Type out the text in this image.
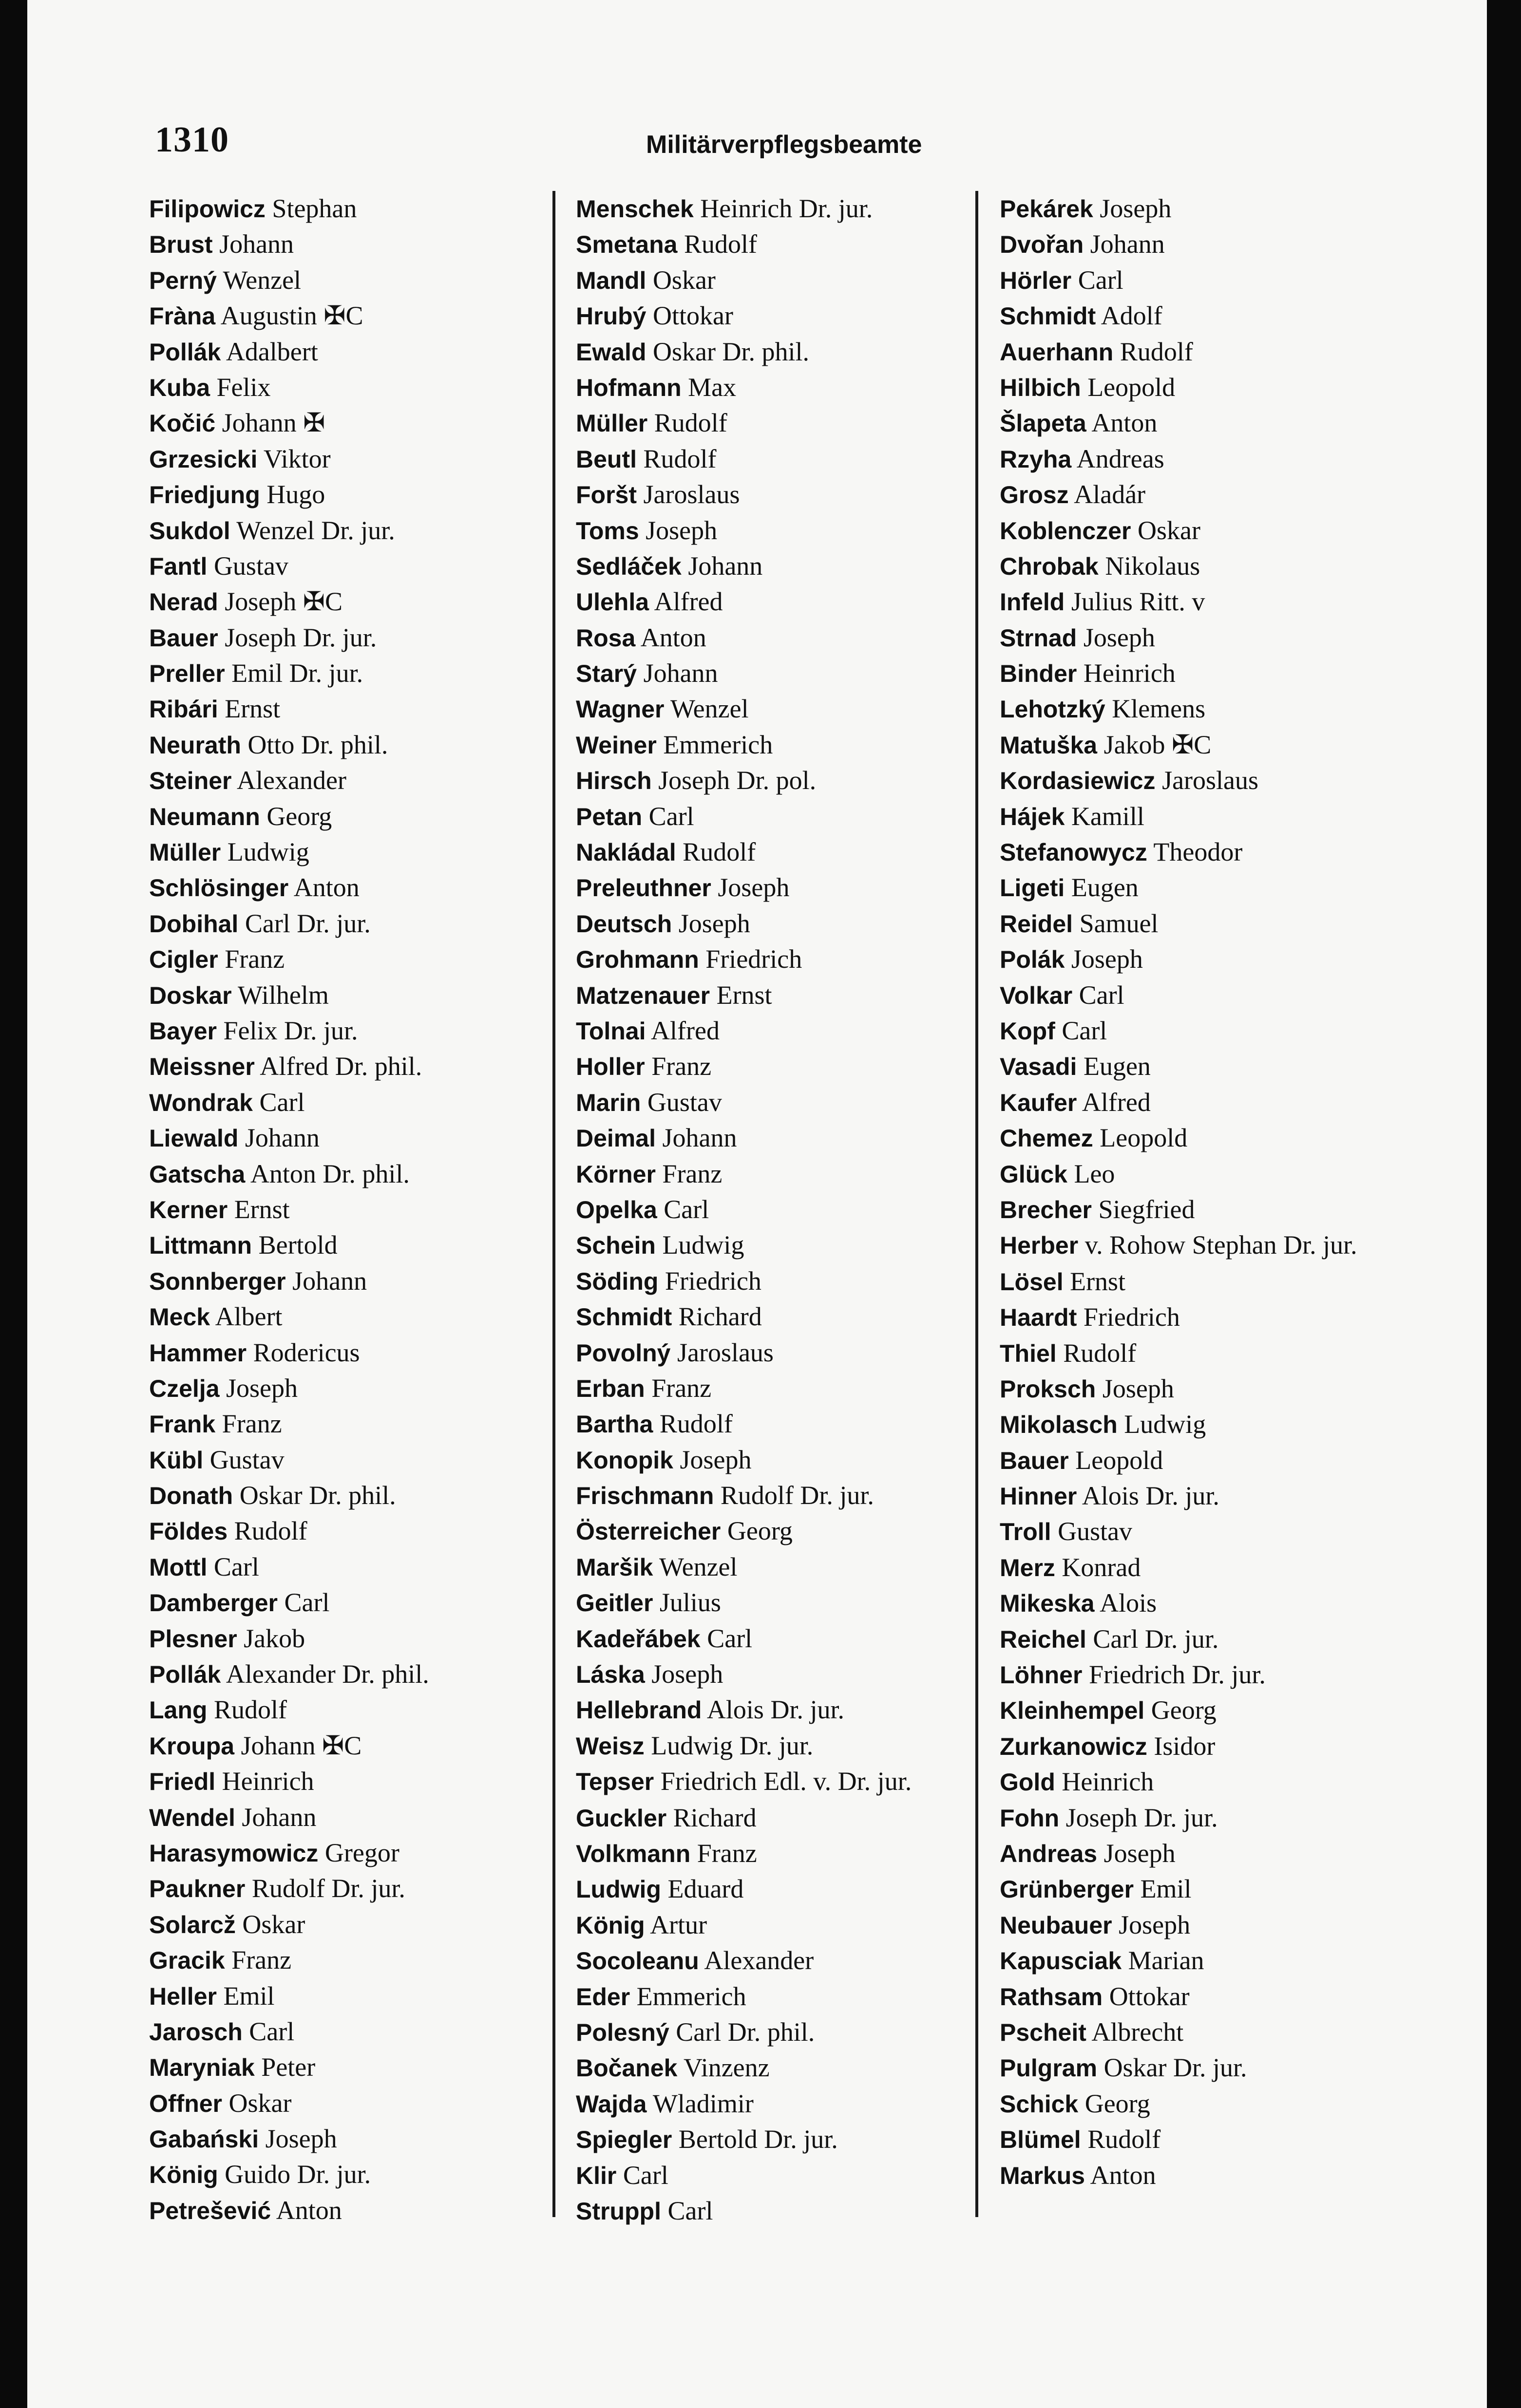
1310	Militärverpflegsbeamte
Filipowicz Stephan
Brust Johann
Perný Wenzel
Fràna Augustin ✠C
Pollák Adalbert
Kuba Felix
Kočić Johann ✠
Grzesicki Viktor
Friedjung Hugo
Sukdol Wenzel Dr. jur.
Fantl Gustav
Nerad Joseph ✠C
Bauer Joseph Dr. jur.
Preller Emil Dr. jur.
Ribári Ernst
Neurath Otto Dr. phil.
Steiner Alexander
Neumann Georg
Müller Ludwig
Schlösinger Anton
Dobihal Carl Dr. jur.
Cigler Franz
Doskar Wilhelm
Bayer Felix Dr. jur.
Meissner Alfred Dr. phil.
Wondrak Carl
Liewald Johann
Gatscha Anton Dr. phil.
Kerner Ernst
Littmann Bertold
Sonnberger Johann
Meck Albert
Hammer Rodericus
Czelja Joseph
Frank Franz
Kübl Gustav
Donath Oskar Dr. phil.
Földes Rudolf
Mottl Carl
Damberger Carl
Plesner Jakob
Pollák Alexander Dr. phil.
Lang Rudolf
Kroupa Johann ✠C
Friedl Heinrich
Wendel Johann
Harasymowicz Gregor
Paukner Rudolf Dr. jur.
Solarcž Oskar
Gracik Franz
Heller Emil
Jarosch Carl
Maryniak Peter
Offner Oskar
Gabański Joseph
König Guido Dr. jur.
Petrešević Anton
Menschek Heinrich Dr. jur.
Smetana Rudolf
Mandl Oskar
Hrubý Ottokar
Ewald Oskar Dr. phil.
Hofmann Max
Müller Rudolf
Beutl Rudolf
Foršt Jaroslaus
Toms Joseph
Sedláček Johann
Ulehla Alfred
Rosa Anton
Starý Johann
Wagner Wenzel
Weiner Emmerich
Hirsch Joseph Dr. pol.
Petan Carl
Nakládal Rudolf
Preleuthner Joseph
Deutsch Joseph
Grohmann Friedrich
Matzenauer Ernst
Tolnai Alfred
Holler Franz
Marin Gustav
Deimal Johann
Körner Franz
Opelka Carl
Schein Ludwig
Söding Friedrich
Schmidt Richard
Povolný Jaroslaus
Erban Franz
Bartha Rudolf
Konopik Joseph
Frischmann Rudolf Dr. jur.
Österreicher Georg
Maršik Wenzel
Geitler Julius
Kadeřábek Carl
Láska Joseph
Hellebrand Alois Dr. jur.
Weisz Ludwig Dr. jur.
Tepser Friedrich Edl. v. Dr. jur.
Guckler Richard
Volkmann Franz
Ludwig Eduard
König Artur
Socoleanu Alexander
Eder Emmerich
Polesný Carl Dr. phil.
Bočanek Vinzenz
Wajda Wladimir
Spiegler Bertold Dr. jur.
Klir Carl
Struppl Carl
Pekárek Joseph
Dvořan Johann
Hörler Carl
Schmidt Adolf
Auerhann Rudolf
Hilbich Leopold
Šlapeta Anton
Rzyha Andreas
Grosz Aladár
Koblenczer Oskar
Chrobak Nikolaus
Infeld Julius Ritt. v
Strnad Joseph
Binder Heinrich
Lehotzký Klemens
Matuška Jakob ✠C
Kordasiewicz Jaroslaus
Hájek Kamill
Stefanowycz Theodor
Ligeti Eugen
Reidel Samuel
Polák Joseph
Volkar Carl
Kopf Carl
Vasadi Eugen
Kaufer Alfred
Chemez Leopold
Glück Leo
Brecher Siegfried
Herber v. Rohow Stephan Dr. jur.
Lösel Ernst
Haardt Friedrich
Thiel Rudolf
Proksch Joseph
Mikolasch Ludwig
Bauer Leopold
Hinner Alois Dr. jur.
Troll Gustav
Merz Konrad
Mikeska Alois
Reichel Carl Dr. jur.
Löhner Friedrich Dr. jur.
Kleinhempel Georg
Zurkanowicz Isidor
Gold Heinrich
Fohn Joseph Dr. jur.
Andreas Joseph
Grünberger Emil
Neubauer Joseph
Kapusciak Marian
Rathsam Ottokar
Pscheit Albrecht
Pulgram Oskar Dr. jur.
Schick Georg
Blümel Rudolf
Markus Anton
